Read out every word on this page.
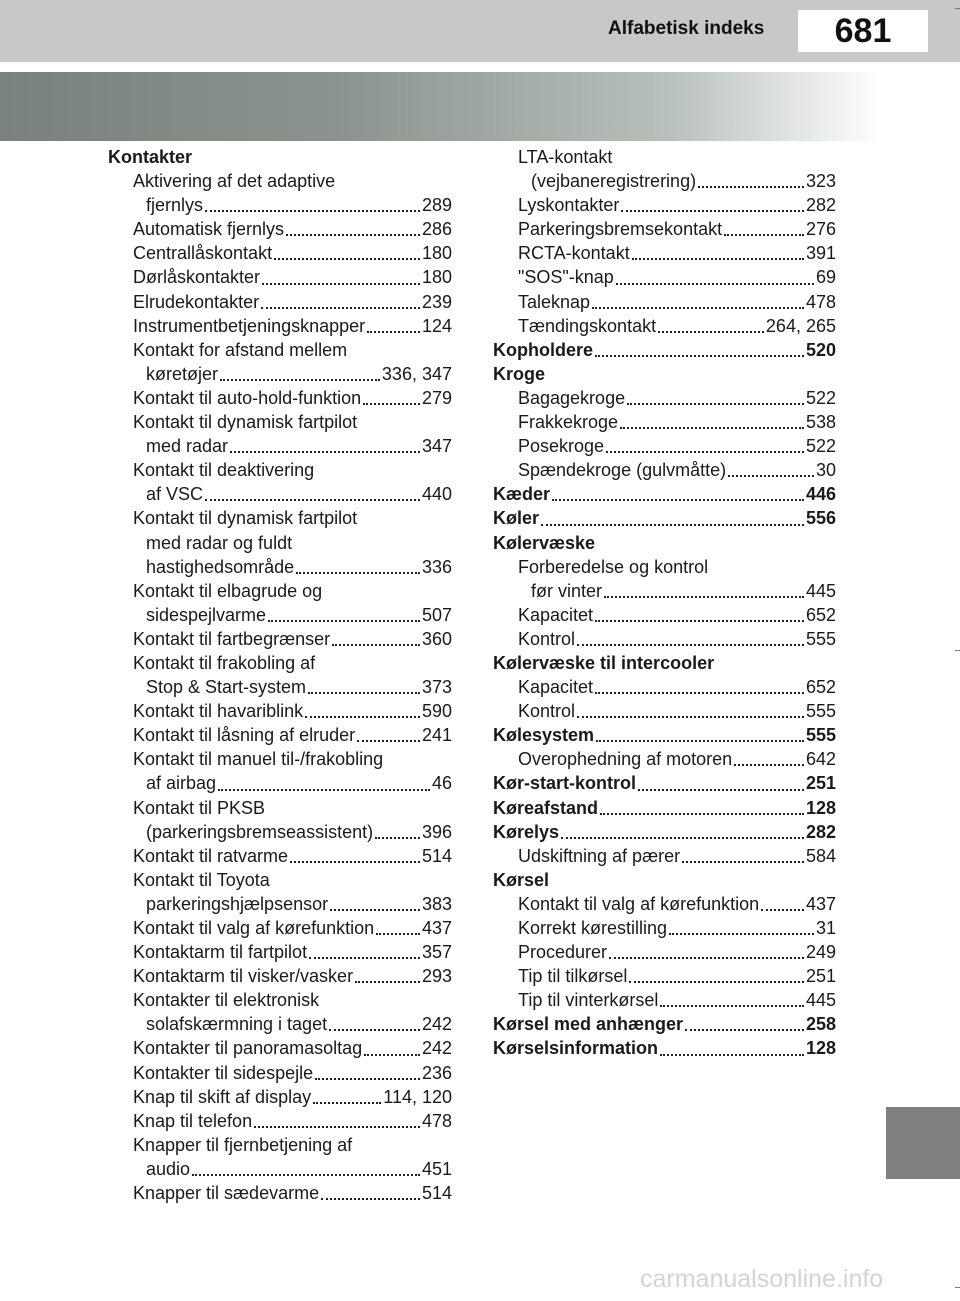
Alfabetisk indeks	681
Kontakter
Aktivering af det adaptive
fjernlys	289
Automatisk fjernlys	286
Centrallåskontakt	180
Dørlåskontakter	180
Elrudekontakter	239
Instrumentbetjeningsknapper	124
Kontakt for afstand mellem
køretøjer	336, 347
Kontakt til auto-hold-funktion	279
Kontakt til dynamisk fartpilot
med radar	347
Kontakt til deaktivering
af VSC	440
Kontakt til dynamisk fartpilot
med radar og fuldt
hastighedsområde	336
Kontakt til elbagrude og
sidespejlvarme	507
Kontakt til fartbegrænser	360
Kontakt til frakobling af
Stop & Start-system	373
Kontakt til havariblink	590
Kontakt til låsning af elruder	241
Kontakt til manuel til-/frakobling
af airbag	46
Kontakt til PKSB
(parkeringsbremseassistent)	396
Kontakt til ratvarme	514
Kontakt til Toyota
parkeringshjælpsensor	383
Kontakt til valg af kørefunktion	437
Kontaktarm til fartpilot	357
Kontaktarm til visker/vasker	293
Kontakter til elektronisk
solafskærmning i taget	242
Kontakter til panoramasoltag	242
Kontakter til sidespejle	236
Knap til skift af display	114, 120
Knap til telefon	478
Knapper til fjernbetjening af
audio	451
Knapper til sædevarme	514
LTA-kontakt
(vejbaneregistrering)	323
Lyskontakter	282
Parkeringsbremsekontakt	276
RCTA-kontakt	391
"SOS"-knap	69
Taleknap	478
Tændingskontakt	264, 265
Kopholdere	520
Kroge
Bagagekroge	522
Frakkekroge	538
Posekroge	522
Spændekroge (gulvmåtte)	30
Kæder	446
Køler	556
Kølervæske
Forberedelse og kontrol
før vinter	445
Kapacitet	652
Kontrol	555
Kølervæske til intercooler
Kapacitet	652
Kontrol	555
Kølesystem	555
Overophedning af motoren	642
Kør-start-kontrol	251
Køreafstand	128
Kørelys	282
Udskiftning af pærer	584
Kørsel
Kontakt til valg af kørefunktion	437
Korrekt kørestilling	31
Procedurer	249
Tip til tilkørsel	251
Tip til vinterkørsel	445
Kørsel med anhænger	258
Kørselsinformation	128
carmanualsonline.info
